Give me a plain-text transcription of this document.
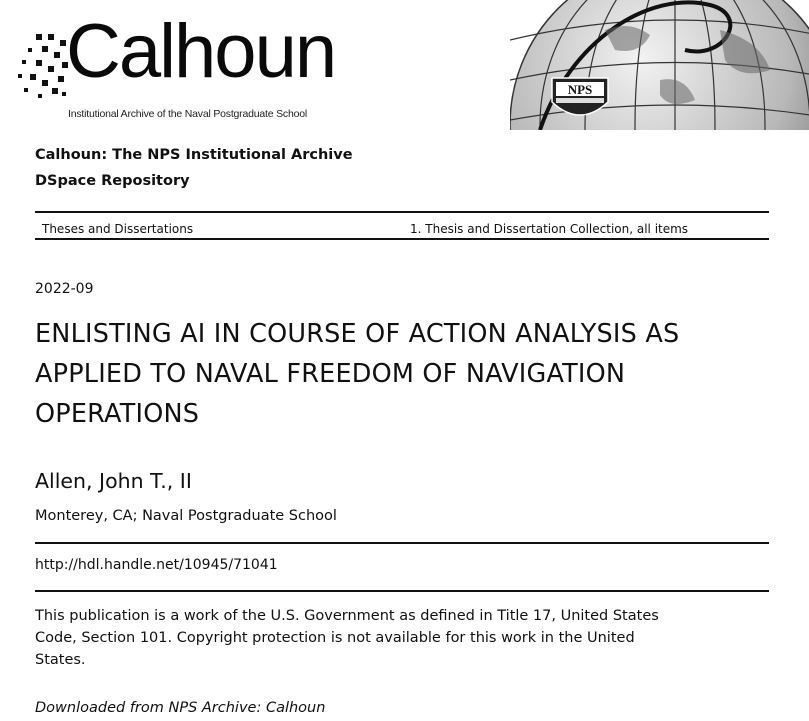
Calhoun
Institutional Archive of the Naval Postgraduate School
NPS
Calhoun: The NPS Institutional Archive
DSpace Repository
Theses and Dissertations	1. Thesis and Dissertation Collection, all items
2022-09
ENLISTING AI IN COURSE OF ACTION ANALYSIS AS APPLIED TO NAVAL FREEDOM OF NAVIGATION OPERATIONS
Allen, John T., II
Monterey, CA; Naval Postgraduate School
http://hdl.handle.net/10945/71041
This publication is a work of the U.S. Government as defined in Title 17, United States Code, Section 101. Copyright protection is not available for this work in the United States.
Downloaded from NPS Archive: Calhoun
